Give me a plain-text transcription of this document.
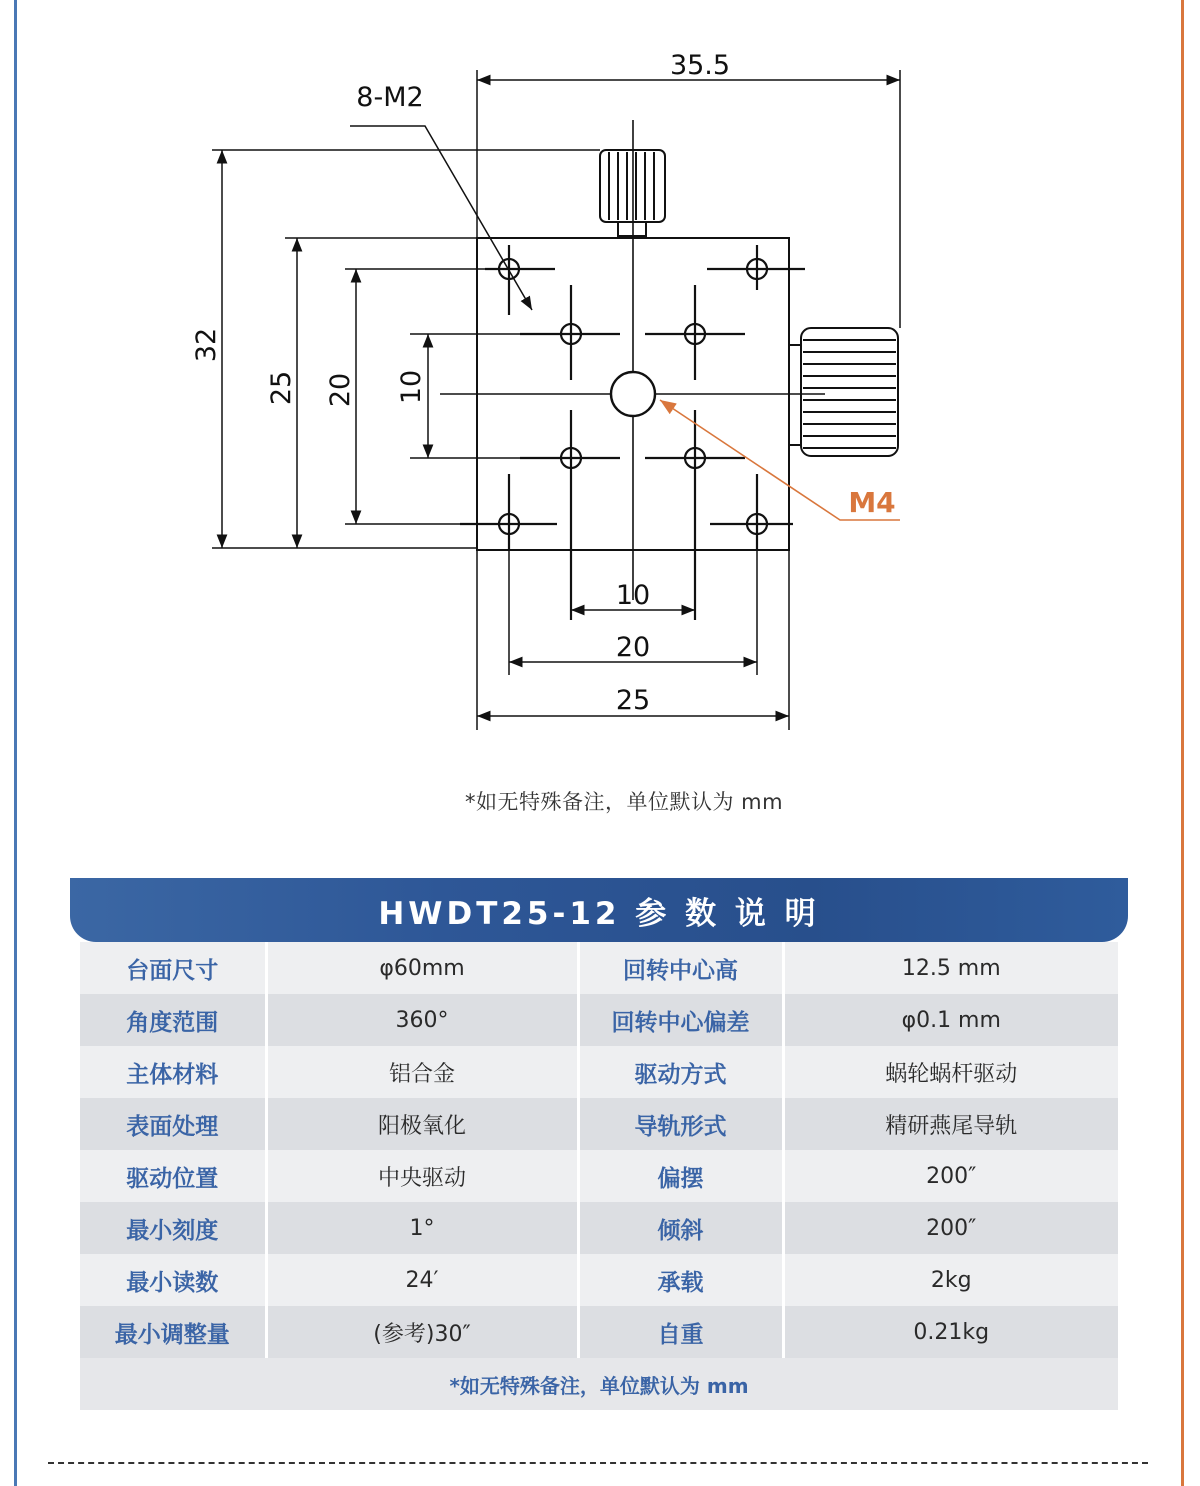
35.5
8-M2
32
25 20 10
10
20
25
M4
*如无特殊备注，单位默认为 mm
HWDT25-12 参 数 说 明
台面尺寸	φ60mm	回转中心高	12.5 mm
角度范围	360°	回转中心偏差	φ0.1 mm
主体材料	铝合金	驱动方式	蜗轮蜗杆驱动
表面处理	阳极氧化	导轨形式	精研燕尾导轨
驱动位置	中央驱动	偏摆	200″
最小刻度	1°	倾斜	200″
最小读数	24′	承载	2kg
最小调整量	(参考)30″	自重	0.21kg
*如无特殊备注，单位默认为 mm			
